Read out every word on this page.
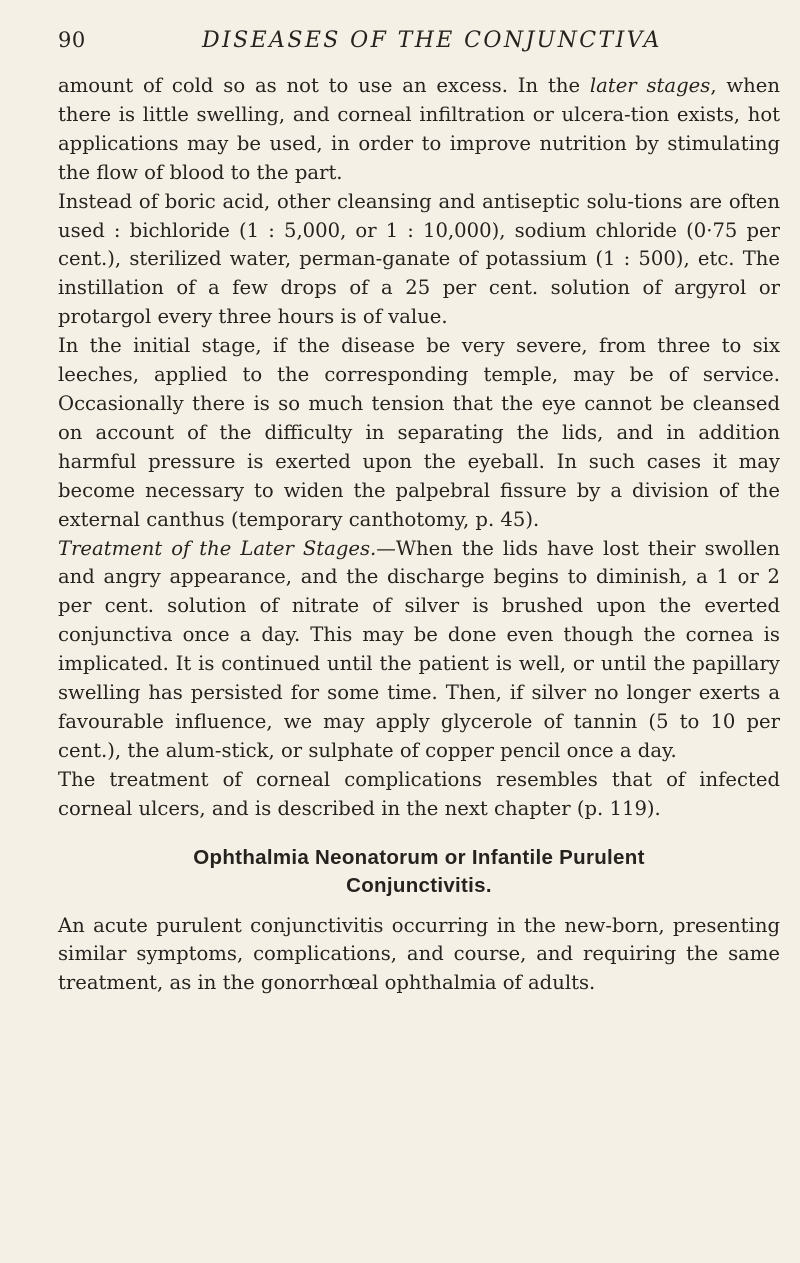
90	DISEASES OF THE CONJUNCTIVA

amount of cold so as not to use an excess. In the later stages, when there is little swelling, and corneal infiltration or ulcera-tion exists, hot applications may be used, in order to improve nutrition by stimulating the flow of blood to the part.

Instead of boric acid, other cleansing and antiseptic solu-tions are often used : bichloride (1 : 5,000, or 1 : 10,000), sodium chloride (0·75 per cent.), sterilized water, perman-ganate of potassium (1 : 500), etc. The instillation of a few drops of a 25 per cent. solution of argyrol or protargol every three hours is of value.

In the initial stage, if the disease be very severe, from three to six leeches, applied to the corresponding temple, may be of service. Occasionally there is so much tension that the eye cannot be cleansed on account of the difficulty in separating the lids, and in addition harmful pressure is exerted upon the eyeball. In such cases it may become necessary to widen the palpebral fissure by a division of the external canthus (temporary canthotomy, p. 45).

Treatment of the Later Stages.—When the lids have lost their swollen and angry appearance, and the discharge begins to diminish, a 1 or 2 per cent. solution of nitrate of silver is brushed upon the everted conjunctiva once a day. This may be done even though the cornea is implicated. It is continued until the patient is well, or until the papillary swelling has persisted for some time. Then, if silver no longer exerts a favourable influence, we may apply glycerole of tannin (5 to 10 per cent.), the alum-stick, or sulphate of copper pencil once a day.

The treatment of corneal complications resembles that of infected corneal ulcers, and is described in the next chapter (p. 119).

Ophthalmia Neonatorum or Infantile Purulent
Conjunctivitis.

An acute purulent conjunctivitis occurring in the new-born, presenting similar symptoms, complications, and course, and requiring the same treatment, as in the gonorrhœal ophthalmia of adults.
